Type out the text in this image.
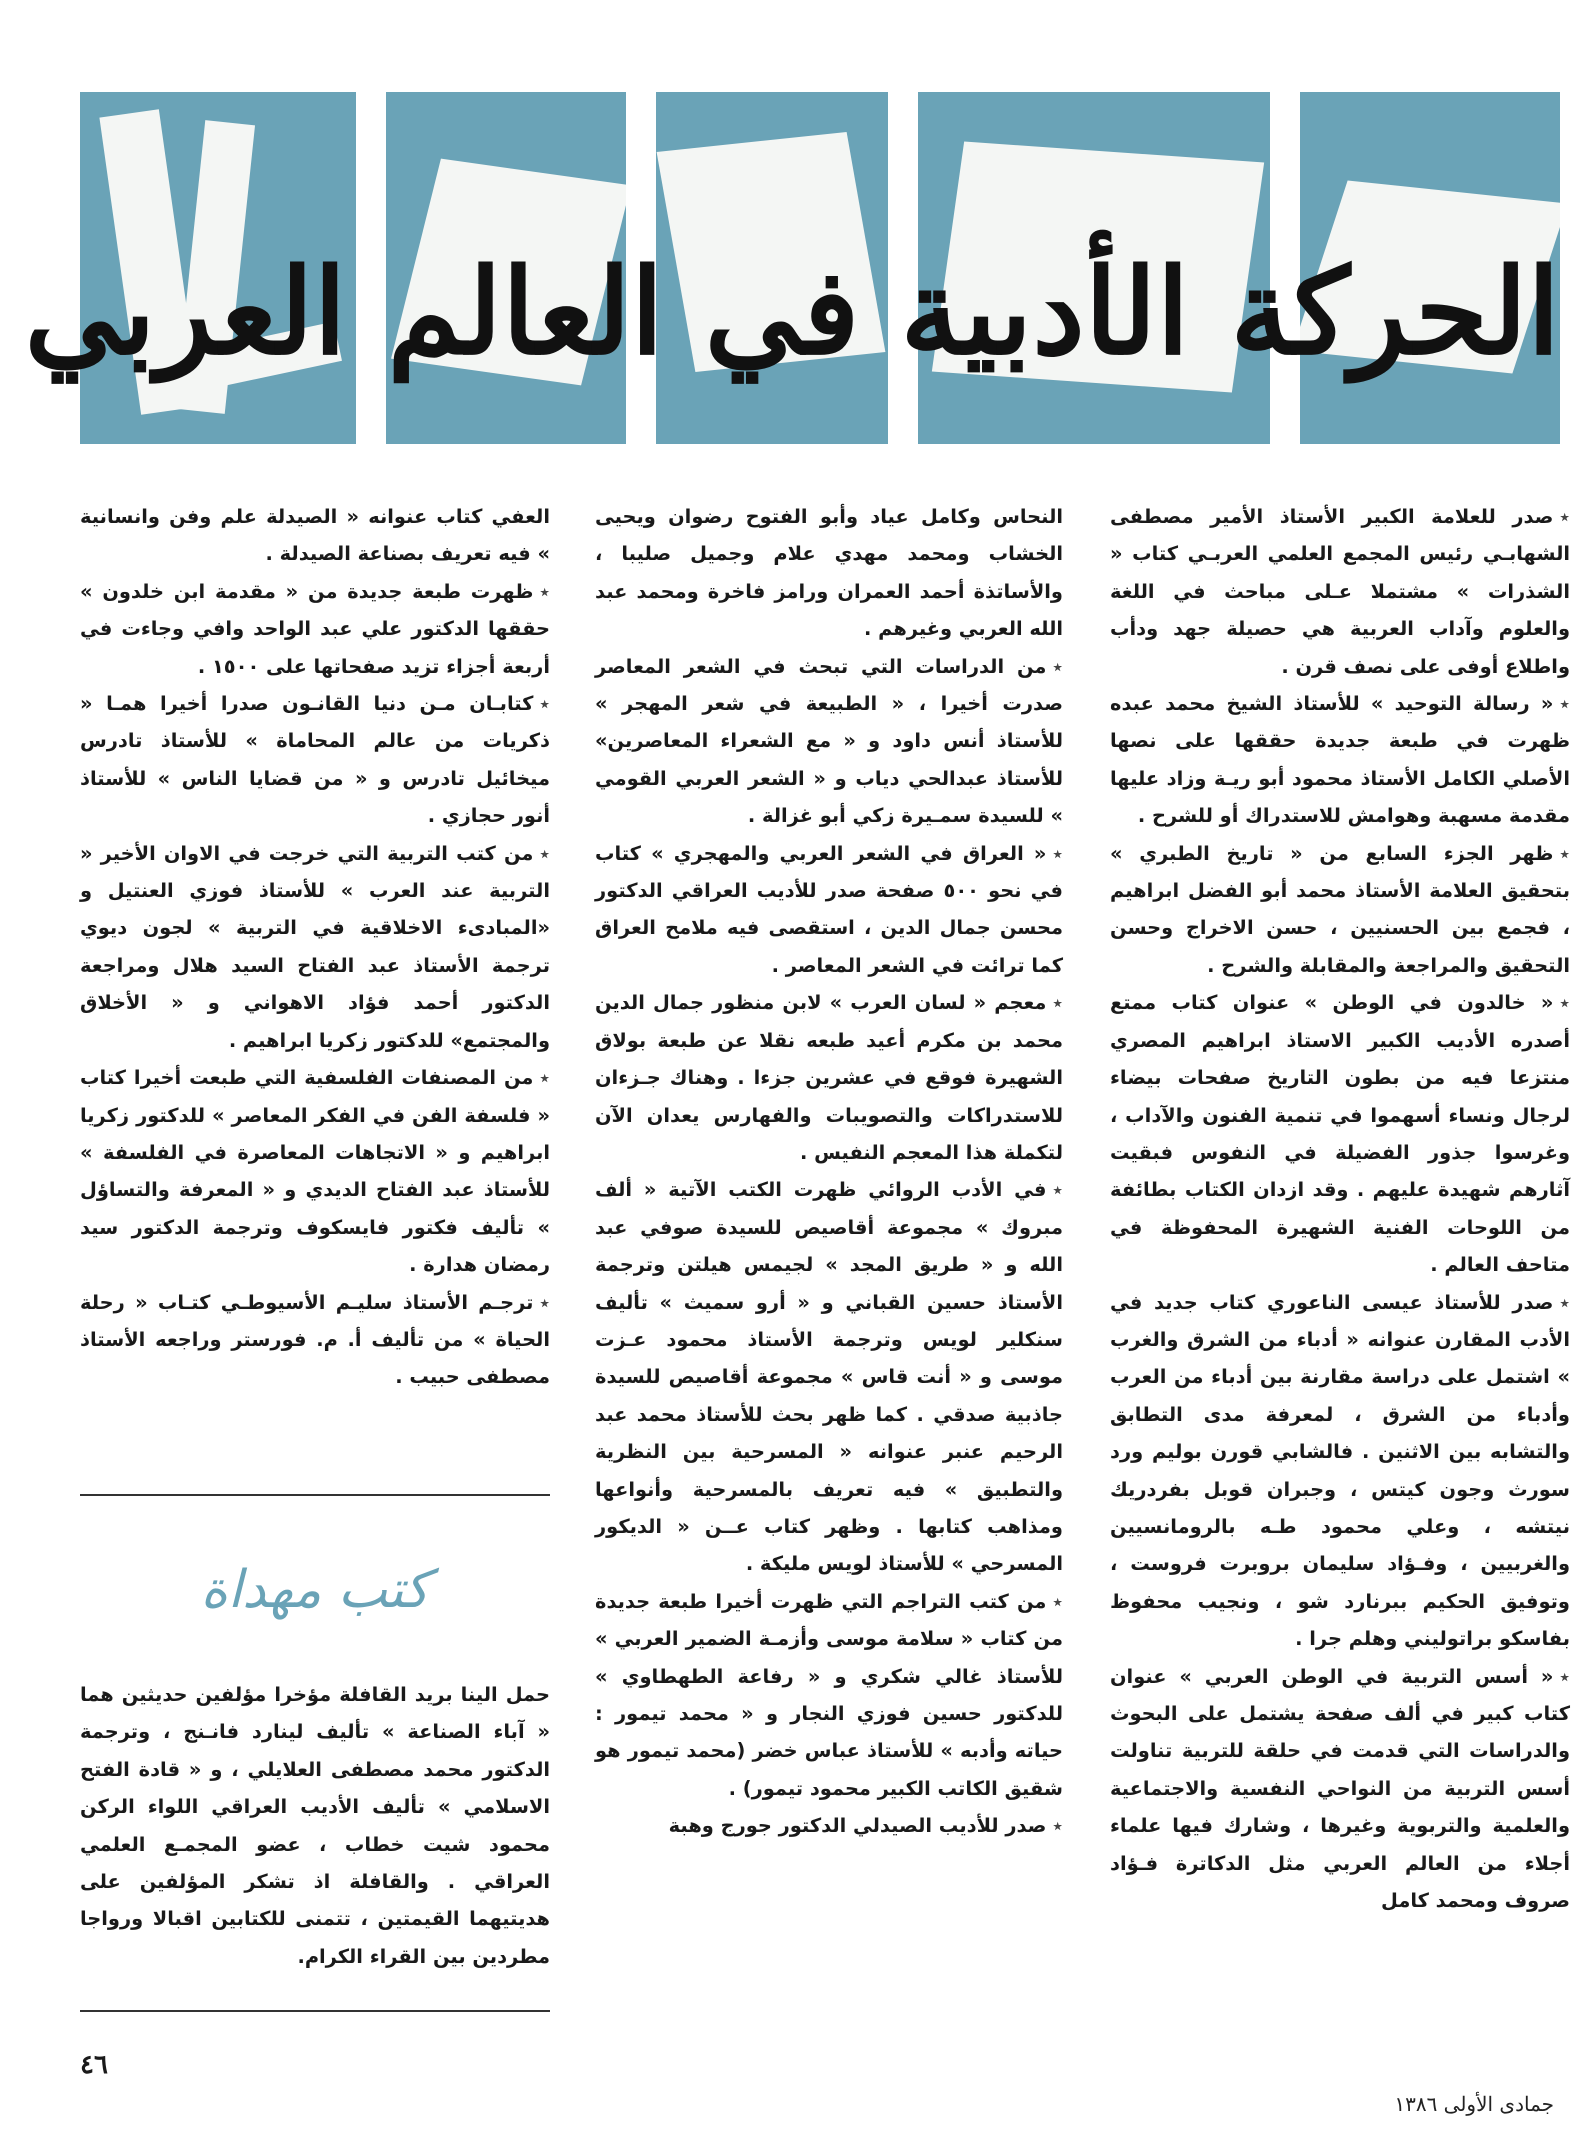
الحركة الأدبية في العالم العربي

٭صدر للعلامة الكبير الأستاذ الأمير مصطفى الشهابـي رئيس المجمع العلمي العربـي كتاب « الشذرات » مشتملا عـلى مباحث في اللغة والعلوم وآداب العربية هي حصيلة جهد ودأب واطلاع أوفى على نصف قرن .

٭« رسالة التوحيد » للأستاذ الشيخ محمد عبده ظهرت في طبعة جديدة حققها على نصها الأصلي الكامل الأستاذ محمود أبو ريـة وزاد عليها مقدمة مسهبة وهوامش للاستدراك أو للشرح .

٭ظهر الجزء السابع من « تاريخ الطبري » بتحقيق العلامة الأستاذ محمد أبو الفضل ابراهيم ، فجمع بين الحسنيين ، حسن الاخراج وحسن التحقيق والمراجعة والمقابلة والشرح .

٭« خالدون في الوطن » عنوان كتاب ممتع أصدره الأديب الكبير الاستاذ ابراهيم المصري منتزعا فيه من بطون التاريخ صفحات بيضاء لرجال ونساء أسهموا في تنمية الفنون والآداب ، وغرسوا جذور الفضيلة في النفوس فبقيت آثارهم شهيدة عليهم . وقد ازدان الكتاب بطائفة من اللوحات الفنية الشهيرة المحفوظة في متاحف العالم .

٭صدر للأستاذ عيسى الناعوري كتاب جديد في الأدب المقارن عنوانه « أدباء من الشرق والغرب » اشتمل على دراسة مقارنة بين أدباء من العرب وأدباء من الشرق ، لمعرفة مدى التطابق والتشابه بين الاثنين . فالشابي قورن بوليم ورد سورث وجون كيتس ، وجبران قوبل بفردريك نيتشه ، وعلي محمود طـه بالرومانسيين والغربيين ، وفـؤاد سليمان بروبرت فروست ، وتوفيق الحكيم ببرنارد شو ، ونجيب محفوظ بفاسكو براتوليني وهلم جرا .

٭« أسس التربية في الوطن العربي » عنوان كتاب كبير في ألف صفحة يشتمل على البحوث والدراسات التي قدمت في حلقة للتربية تناولت أسس التربية من النواحي النفسية والاجتماعية والعلمية والتربوية وغيرها ، وشارك فيها علماء أجلاء من العالم العربي مثل الدكاترة فـؤاد صروف ومحمد كامل

النحاس وكامل عياد وأبو الفتوح رضوان ويحيى الخشاب ومحمد مهدي علام وجميل صليبا ، والأساتذة أحمد العمران ورامز فاخرة ومحمد عبد الله العربي وغيرهم .

٭من الدراسات التي تبحث في الشعر المعاصر صدرت أخيرا ، « الطبيعة في شعر المهجر » للأستاذ أنس داود و « مع الشعراء المعاصرين» للأستاذ عبدالحي دياب و « الشعر العربي القومي » للسيدة سمـيرة زكي أبو غزالة .

٭« العراق في الشعر العربي والمهجري » كتاب في نحو ٥٠٠ صفحة صدر للأديب العراقي الدكتور محسن جمال الدين ، استقصى فيه ملامح العراق كما ترائت في الشعر المعاصر .

٭معجم « لسان العرب » لابن منظور جمال الدين محمد بن مكرم أعيد طبعه نقلا عن طبعة بولاق الشهيرة فوقع في عشرين جزءا . وهناك جـزءان للاستدراكات والتصويبات والفهارس يعدان الآن لتكملة هذا المعجم النفيس .

٭في الأدب الروائي ظهرت الكتب الآتية « ألف مبروك » مجموعة أقاصيص للسيدة صوفي عبد الله و « طريق المجد » لجيمس هيلتن وترجمة الأستاذ حسين القباني و « أرو سميث » تأليف سنكلير لويس وترجمة الأستاذ محمود عـزت موسى و « أنت قاس » مجموعة أقاصيص للسيدة جاذبية صدقي . كما ظهر بحث للأستاذ محمد عبد الرحيم عنبر عنوانه « المسرحية بين النظرية والتطبيق » فيه تعريف بالمسرحية وأنواعها ومذاهب كتابها . وظهر كتاب عــن « الديكور المسرحي » للأستاذ لويس مليكة .

٭من كتب التراجم التي ظهرت أخيرا طبعة جديدة من كتاب « سلامة موسى وأزمـة الضمير العربي » للأستاذ غالي شكري و « رفاعة الطهطاوي » للدكتور حسين فوزي النجار و « محمد تيمور : حياته وأدبه » للأستاذ عباس خضر (محمد تيمور هو شقيق الكاتب الكبير محمود تيمور) .

٭صدر للأديب الصيدلي الدكتور جورج وهبة

العفي كتاب عنوانه « الصيدلة علم وفن وانسانية » فيه تعريف بصناعة الصيدلة .

٭ظهرت طبعة جديدة من « مقدمة ابن خلدون » حققها الدكتور علي عبد الواحد وافي وجاءت في أربعة أجزاء تزيد صفحاتها على ١٥٠٠ .

٭كتابـان مـن دنيا القانـون صدرا أخيرا همـا « ذكريات من عالم المحاماة » للأستاذ تادرس ميخائيل تادرس و « من قضايا الناس » للأستاذ أنور حجازي .

٭من كتب التربية التي خرجت في الاوان الأخير « التربية عند العرب » للأستاذ فوزي العنتيل و «المبادىء الاخلاقية في التربية » لجون ديوي ترجمة الأستاذ عبد الفتاح السيد هلال ومراجعة الدكتور أحمد فؤاد الاهواني و « الأخلاق والمجتمع» للدكتور زكريا ابراهيم .

٭من المصنفات الفلسفية التي طبعت أخيرا كتاب « فلسفة الفن في الفكر المعاصر » للدكتور زكريا ابراهيم و « الاتجاهات المعاصرة في الفلسفة » للأستاذ عبد الفتاح الديدي و « المعرفة والتساؤل » تأليف فكتور فايسكوف وترجمة الدكتور سيد رمضان هدارة .

٭ترجـم الأستاذ سليـم الأسيوطـي كتـاب « رحلة الحياة » من تأليف أ. م. فورستر وراجعه الأستاذ مصطفى حبيب .

كتب مهداة

حمل الينا بريد القافلة مؤخرا مؤلفين حديثين هما « آباء الصناعة » تأليف لينارد فانـنج ، وترجمة الدكتور محمد مصطفى العلايلي ، و « قادة الفتح الاسلامي » تأليف الأديب العراقي اللواء الركن محمود شيت خطاب ، عضو المجمـع العلمي العراقي . والقافلة اذ تشكر المؤلفين على هديتيهما القيمتين ، تتمنى للكتابين اقبالا ورواجا مطردين بين القراء الكرام.

٤٦
جمادى الأولى ١٣٨٦
